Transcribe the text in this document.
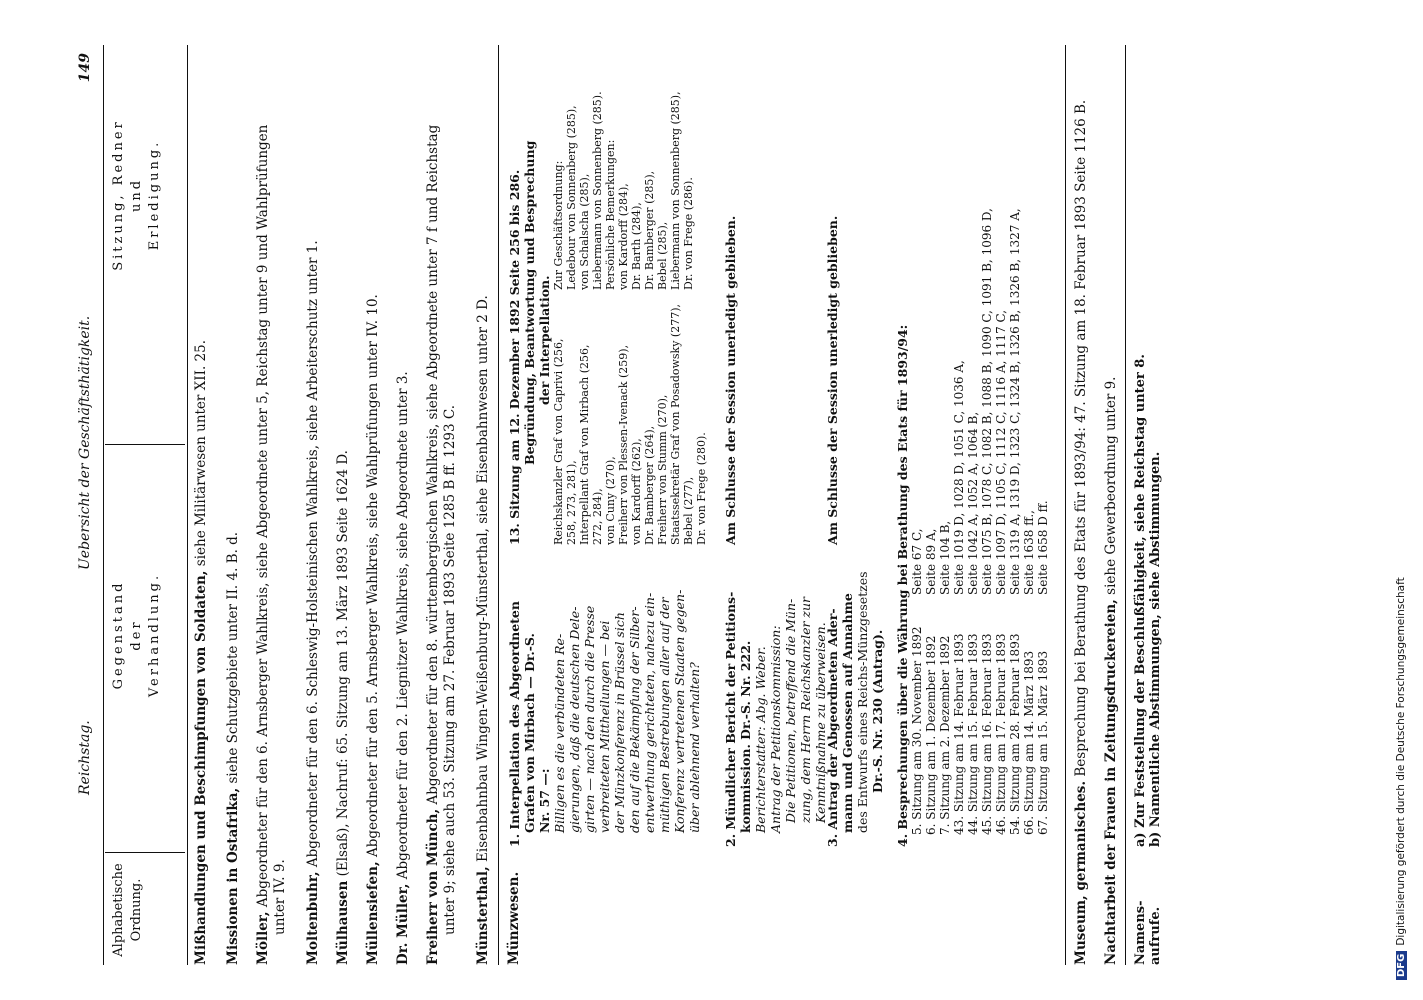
Reichstag.
Uebersicht der Geschäftsthätigkeit.
149
Alphabetische Ordnung.
Gegenstand der Verhandlung.
Sitzung, Redner und Erledigung.
Mißhandlungen und Beschimpfungen von Soldaten, siehe Militärwesen unter XII. 25.
Missionen in Ostafrika, siehe Schutzgebiete unter II. 4. B. d.
Möller, Abgeordneter für den 6. Arnsberger Wahlkreis, siehe Abgeordnete unter 5, Reichstag unter 9 und Wahlprüfungen
unter IV. 9. Moltenbuhr, Abgeordneter für den 6. Schleswig-Holsteinischen Wahlkreis, siehe Arbeiterschutz unter 1.
Mülhausen (Elsaß), Nachruf: 65. Sitzung am 13. März 1893 Seite 1624 D.
Müllensiefen, Abgeordneter für den 5. Arnsberger Wahlkreis, siehe Wahlprüfungen unter IV. 10.
Dr. Müller, Abgeordneter für den 2. Liegnitzer Wahlkreis, siehe Abgeordnete unter 3.
Freiherr von Münch, Abgeordneter für den 8. württembergischen Wahlkreis, siehe Abgeordnete unter 7 f und Reichstag
unter 9; siehe auch 53. Sitzung am 27. Februar 1893 Seite 1285 B ff. 1293 C. Münsterthal, Eisenbahnbau Wingen-Weißenburg-Münsterthal, siehe Eisenbahnwesen unter 2 D.
Münzwesen.
1. Interpellation des Abgeordneten Grafen von Mirbach — Dr.-S. Nr. 57 —: Billigen es die verbündeten Re- gierungen, daß die deutschen Dele- girten — nach den durch die Presse verbreiteten Mittheilungen — bei der Münzkonferenz in Brüssel sich den auf die Bekämpfung der Silber- entwerthung gerichteten, nahezu ein- müthigen Bestrebungen aller auf der Konferenz vertretenen Staaten gegen- über ablehnend verhalten?
13. Sitzung am 12. Dezember 1892 Seite 256 bis 286. Begründung, Beantwortung und Besprechung der Interpellation. Reichskanzler Graf von Caprivi (256, 258, 273, 281), Interpellant Graf von Mirbach (256, 272, 284), von Cuny (270), Freiherr von Plessen-Ivenack (259), von Kardorff (262), Dr. Bamberger (264), Freiherr von Stumm (270), Staatssekretär Graf von Posadowsky (277), Bebel (277), Dr. von Frege (280).
Zur Geschäftsordnung: Ledebour von Sonnenberg (285), von Schalscha (285), Liebermann von Sonnenberg (285). Persönliche Bemerkungen: von Kardorff (284), Dr. Barth (284), Dr. Bamberger (285), Bebel (285), Liebermann von Sonnenberg (285), Dr. von Frege (286).
2. Mündlicher Bericht der Petitions- kommission. Dr.-S. Nr. 222. Berichterstatter: Abg. Weber. Antrag der Petitionskommission: Die Petitionen, betreffend die Mün- zung, dem Herrn Reichskanzler zur Kenntnißnahme zu überweisen.
Am Schlusse der Session unerledigt geblieben.
3. Antrag der Abgeordneten Ader- mann und Genossen auf Annahme des Entwurfs eines Reichs-Münzgesetzes Dr.-S. Nr. 230 (Antrag).
Am Schlusse der Session unerledigt geblieben.	4. Besprechungen über die Währung bei Berathung des Etats für 1893/94: 5. Sitzung am 30. November 1892
Seite 67 C,
6. Sitzung am 1. Dezember 1892
Seite 89 A,
7. Sitzung am 2. Dezember 1892
Seite 104 B,
43. Sitzung am 14. Februar 1893
Seite 1019 D, 1028 D, 1051 C, 1036 A,
44. Sitzung am 15. Februar 1893
Seite 1042 A, 1052 A, 1064 B,
45. Sitzung am 16. Februar 1893
Seite 1075 B, 1078 C, 1082 B, 1088 B, 1090 C, 1091 B, 1096 D,
46. Sitzung am 17. Februar 1893
Seite 1097 D, 1105 C, 1112 C, 1116 A, 1117 C,
54. Sitzung am 28. Februar 1893
Seite 1319 A, 1319 D, 1323 C, 1324 B, 1326 B, 1326 B, 1327 A,
66. Sitzung am 14. März 1893
Seite 1638 ff.,
67. Sitzung am 15. März 1893
Seite 1658 D ff.
Museum, germanisches. Besprechung bei Berathung des Etats für 1893/94: 47. Sitzung am 18. Februar 1893 Seite 1126 B.
Nachtarbeit der Frauen in Zeitungsdruckereien, siehe Gewerbeordnung unter 9.
Namens- aufrufe.
a) Zur Feststellung der Beschlußfähigkeit, siehe Reichstag unter 8. b) Namentliche Abstimmungen, siehe Abstimmungen.
DFGDigitalisierung gefördert durch die Deutsche Forschungsgemeinschaft
